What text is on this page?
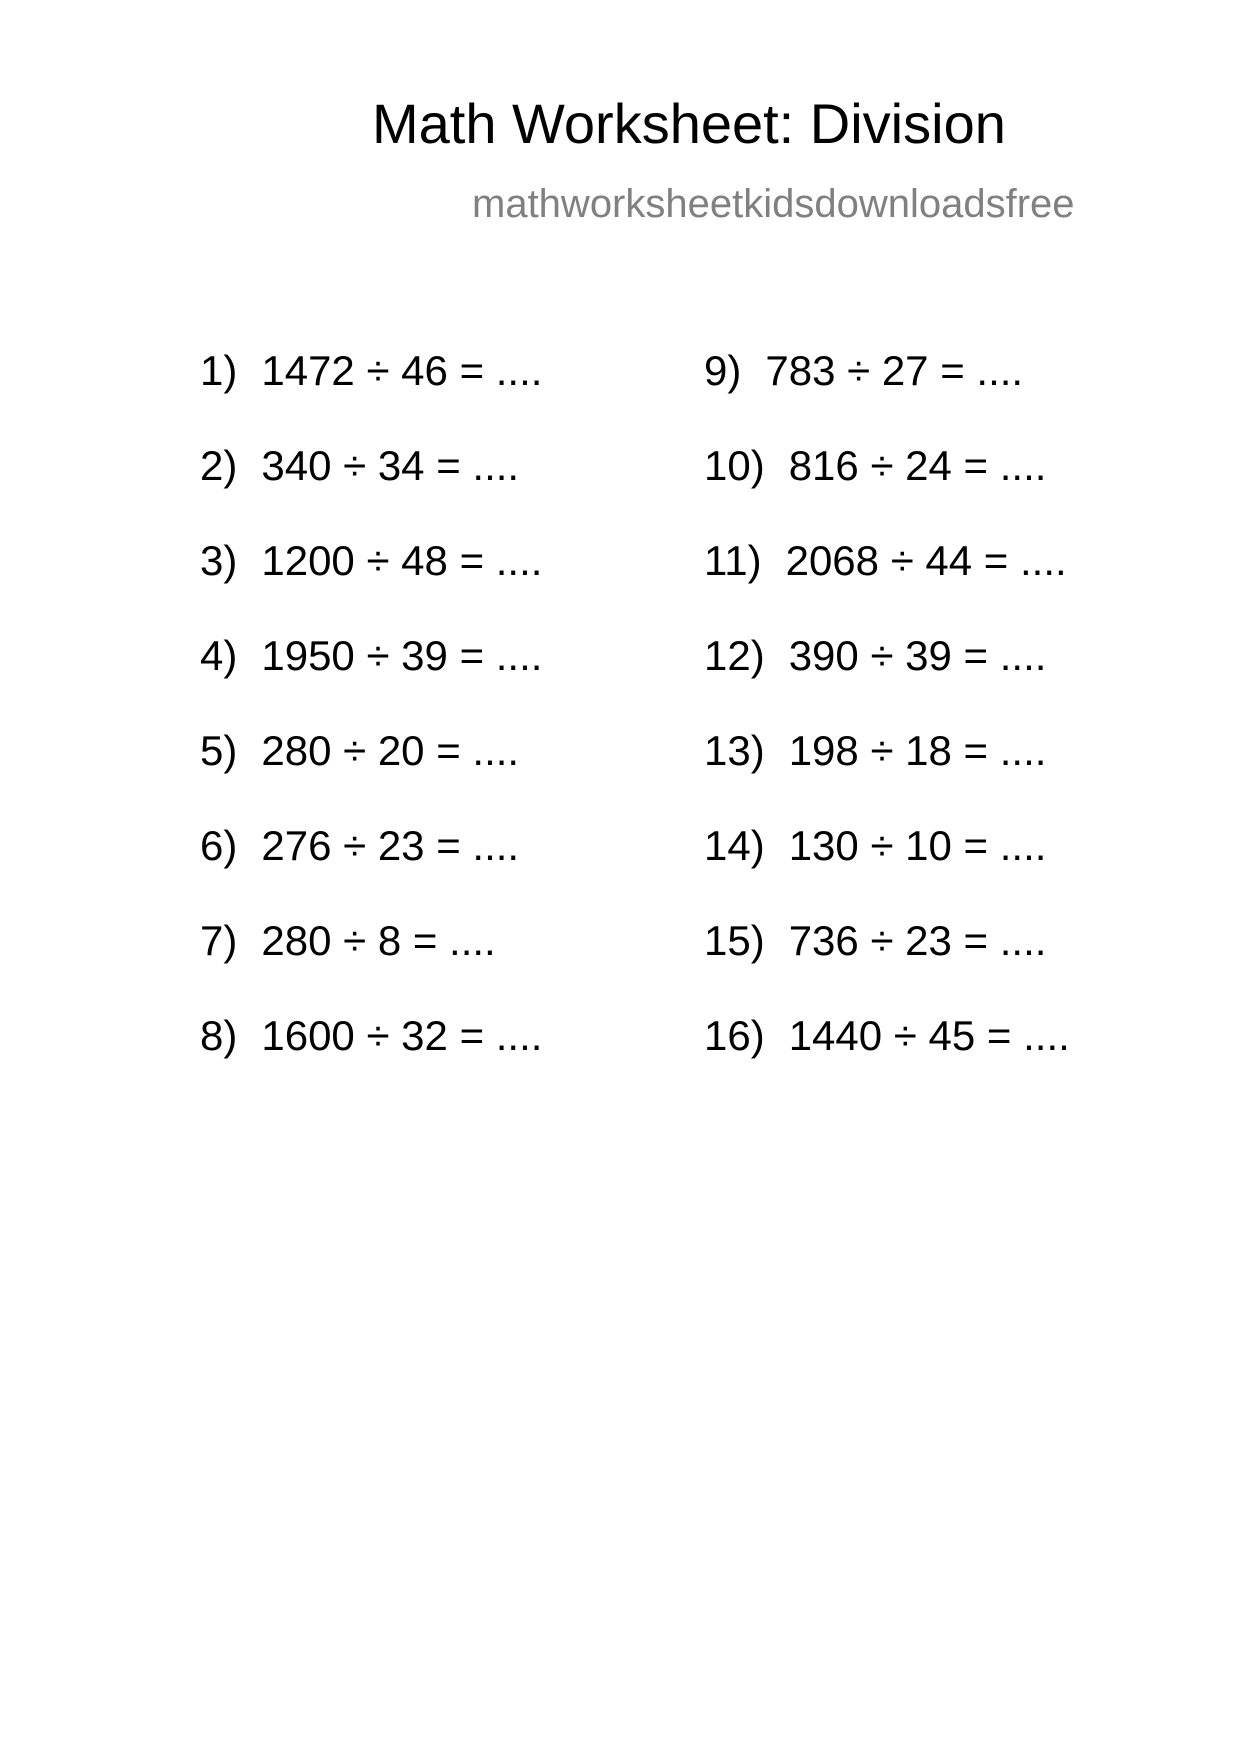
Math Worksheet: Division
mathworksheetkidsdownloadsfree
1) 1472 ÷ 46 = ....
2) 340 ÷ 34 = ....
3) 1200 ÷ 48 = ....
4) 1950 ÷ 39 = ....
5) 280 ÷ 20 = ....
6) 276 ÷ 23 = ....
7) 280 ÷ 8 = ....
8) 1600 ÷ 32 = ....
9) 783 ÷ 27 = ....
10) 816 ÷ 24 = ....
11) 2068 ÷ 44 = ....
12) 390 ÷ 39 = ....
13) 198 ÷ 18 = ....
14) 130 ÷ 10 = ....
15) 736 ÷ 23 = ....
16) 1440 ÷ 45 = ....
